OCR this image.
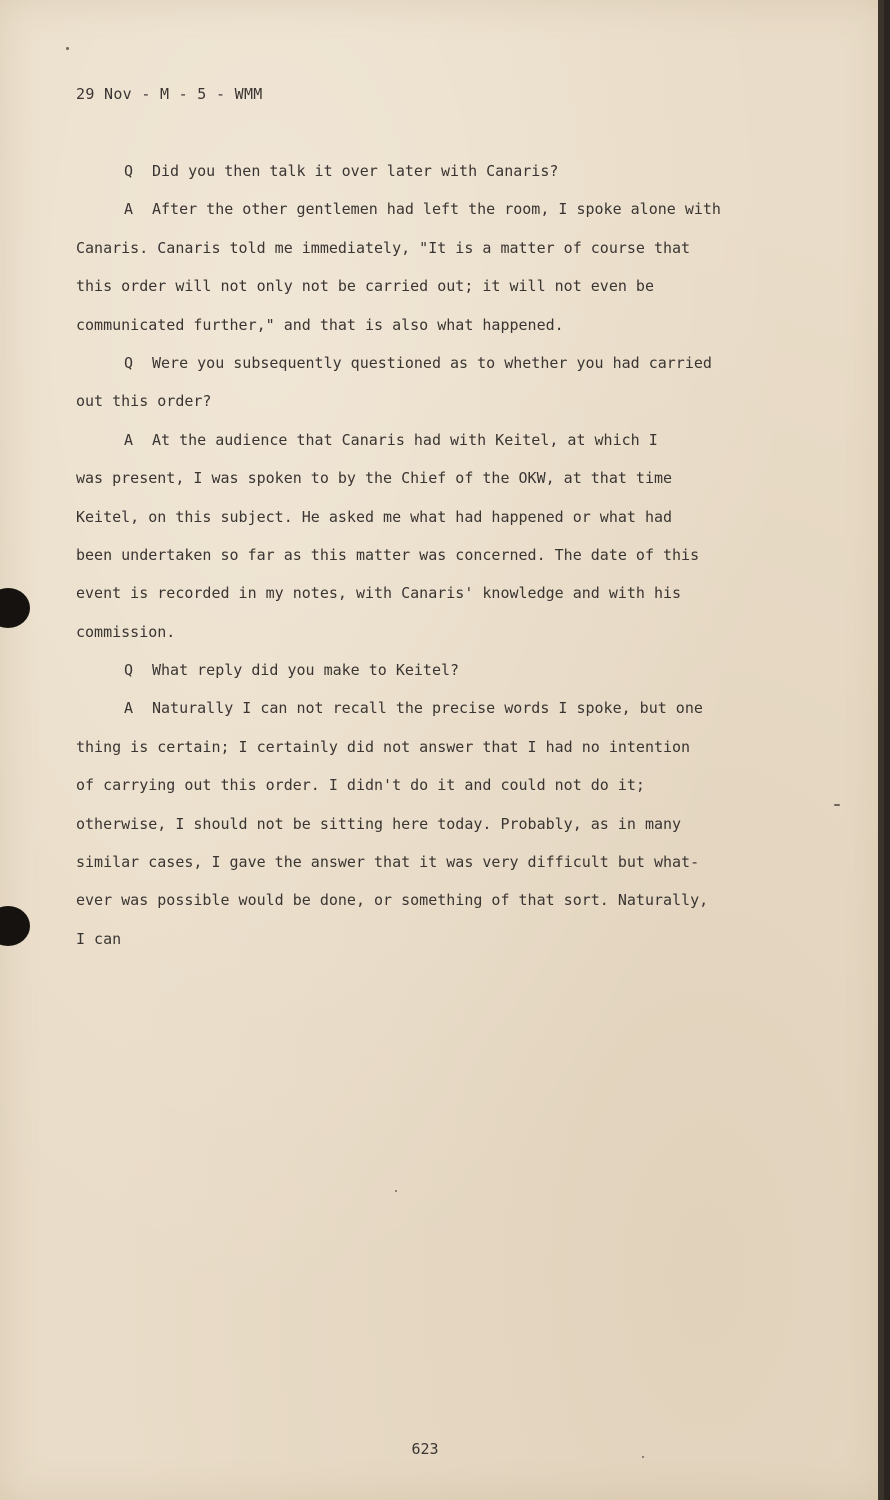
29 Nov - M - 5 - WMM
Q Did you then talk it over later with Canaris?
A After the other gentlemen had left the room, I spoke alone with
Canaris. Canaris told me immediately, "It is a matter of course that
this order will not only not be carried out; it will not even be
communicated further," and that is also what happened.
Q Were you subsequently questioned as to whether you had carried
out this order?
A At the audience that Canaris had with Keitel, at which I
was present, I was spoken to by the Chief of the OKW, at that time
Keitel, on this subject. He asked me what had happened or what had
been undertaken so far as this matter was concerned. The date of this
event is recorded in my notes, with Canaris' knowledge and with his
commission.
Q What reply did you make to Keitel?
A Naturally I can not recall the precise words I spoke, but one
thing is certain; I certainly did not answer that I had no intention
of carrying out this order. I didn't do it and could not do it;
otherwise, I should not be sitting here today. Probably, as in many
similar cases, I gave the answer that it was very difficult but what-
ever was possible would be done, or something of that sort. Naturally,
I can
623
